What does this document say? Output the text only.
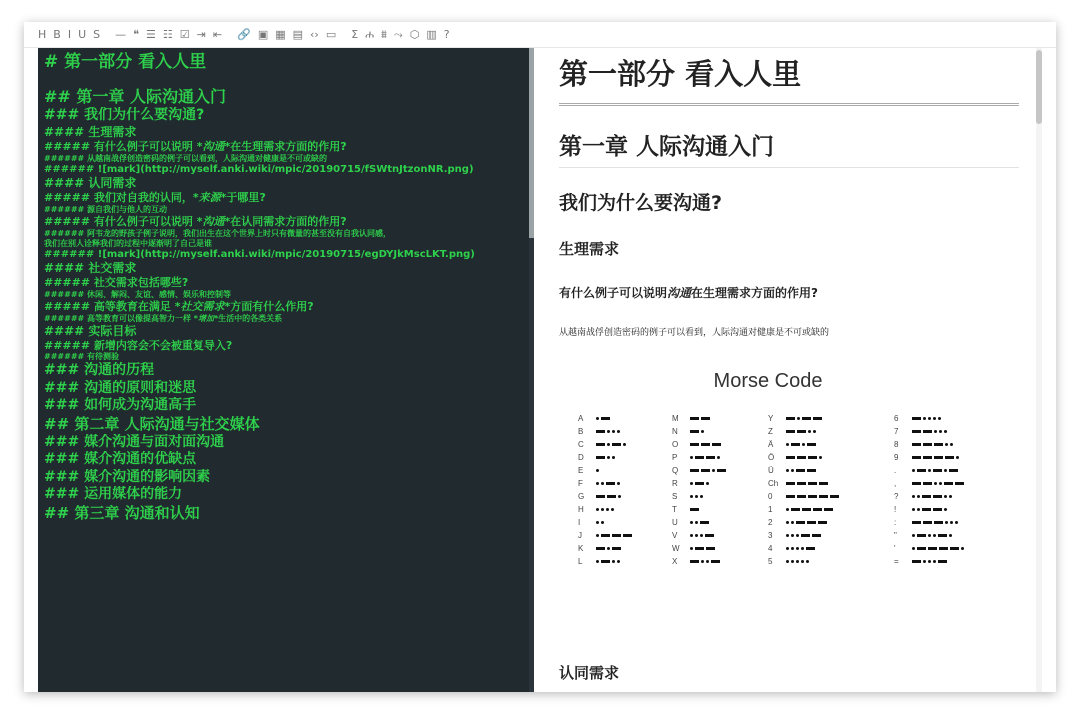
H B I U S — ❝ ☰ ☷ ☑ ⇥ ⇤ 🔗 ▣ ▦ ▤ ‹› ▭ Σ ሐ ⩩ ⤳ ⬡ ▥ ?
# 第一部分 看入人里
## 第一章 人际沟通入门
### 我们为什么要沟通?
#### 生理需求
##### 有什么例子可以说明 *沟通*在生理需求方面的作用?
###### 从越南战俘创造密码的例子可以看到，人际沟通对健康是不可或缺的
###### ![mark](http://myself.anki.wiki/mpic/20190715/fSWtnJtzonNR.png)
#### 认同需求
##### 我们对自我的认同，*来源*于哪里?
###### 源自我们与他人的互动
##### 有什么例子可以说明 *沟通*在认同需求方面的作用?
###### 阿韦龙的野孩子例子说明，我们出生在这个世界上时只有微量的甚至没有自我认同感，
我们在别人诠释我们的过程中逐渐明了自己是谁
###### ![mark](http://myself.anki.wiki/mpic/20190715/egDYJkMscLKT.png)
#### 社交需求
##### 社交需求包括哪些?
###### 休闲、解闷、友谊、感情、娱乐和控制等
##### 高等教育在满足 *社交需求*方面有什么作用?
###### 高等教育可以像提高智力一样 *增加*生活中的各类关系
#### 实际目标
##### 新增内容会不会被重复导入?
###### 有待测验
### 沟通的历程
### 沟通的原则和迷思
### 如何成为沟通高手
## 第二章 人际沟通与社交媒体
### 媒介沟通与面对面沟通
### 媒介沟通的优缺点
### 媒介沟通的影响因素
### 运用媒体的能力
## 第三章 沟通和认知
第一部分 看入人里
第一章 人际沟通入门
我们为什么要沟通?
生理需求
有什么例子可以说明沟通在生理需求方面的作用?
从越南战俘创造密码的例子可以看到，人际沟通对健康是不可或缺的
Morse Code
A
B
C
D
E
F
G
H
I
J
K
L
M
N
O
P
Q
R
S
T
U
V
W
X
Y
Z
Ä
Ö
Ü
Ch
0
1
2
3
4
5
6
7
8
9
.
,
?
!
:
"
'
=
认同需求
